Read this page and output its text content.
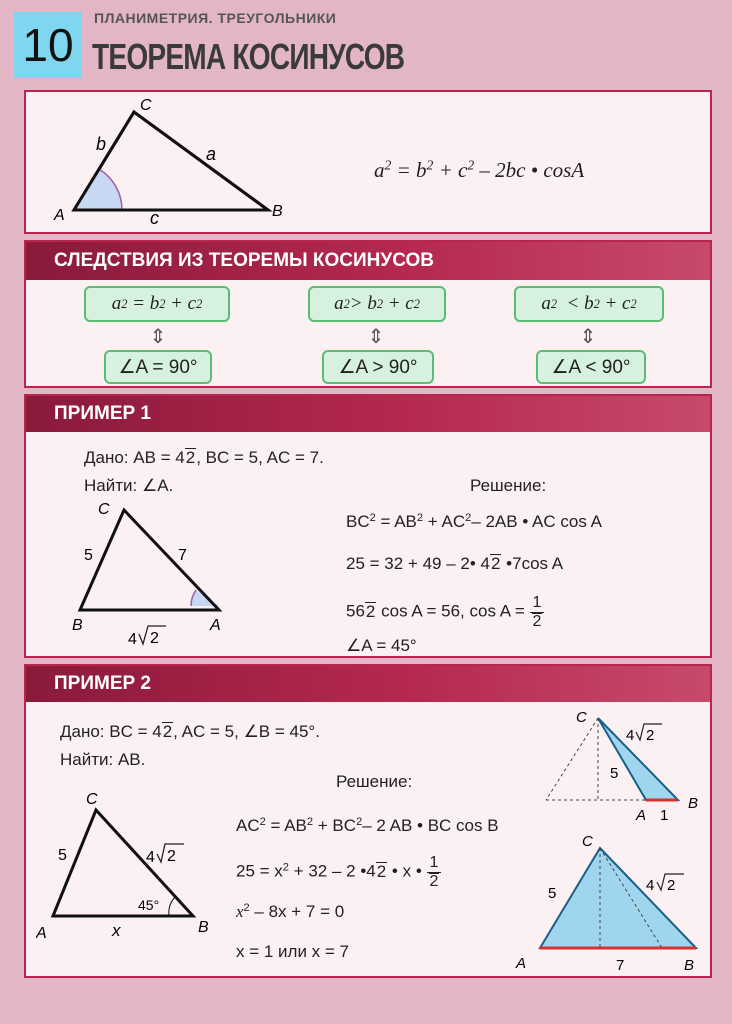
10
ПЛАНИМЕТРИЯ. ТРЕУГОЛЬНИКИ
ТЕОРЕМА КОСИНУСОВ
C
A	B
b	a
c
$a^2 = b^2 + c^2 - 2bc$ • cosA
СЛЕДСТВИЯ ИЗ ТЕОРЕМЫ КОСИНУСОВ
a 2
= b 2 + c 2
⇕
∠A = 90°
a 2 > b 2 + c 2
⇕
∠A > 90°
a 2
< b 2 + c 2
⇕
∠A < 90°
ПРИМЕР 1
Дано: AB = 42, BC = 5, AC = 7.
Найти: ∠A.	Решение:
C
B	A
5	7
4 2
$BC^2 = AB^2 + AC^2-$ 2AB • AC cos A
25 = 32 + 49 – 2• 42 •7cos A
562 cos A = 56, $\cos A = \frac{1}{2}$
∠A = 45°
ПРИМЕР 2
Дано: BC = 42, AC = 5, ∠B = 45°.
Найти: AB.
Решение:
C
A	B
5	4 2
45°
x
$AC^2 = AB^2 + BC^2-$ 2 AB • BC cos B
$25 = x^2 + 32 - 2$ •42 • x • $\frac{1}{2}$
$x^2 - 8x + 7 = 0$
x = 1 или x = 7
C
4 2
5
A 1
B
C
5	4 2
A	7	B
